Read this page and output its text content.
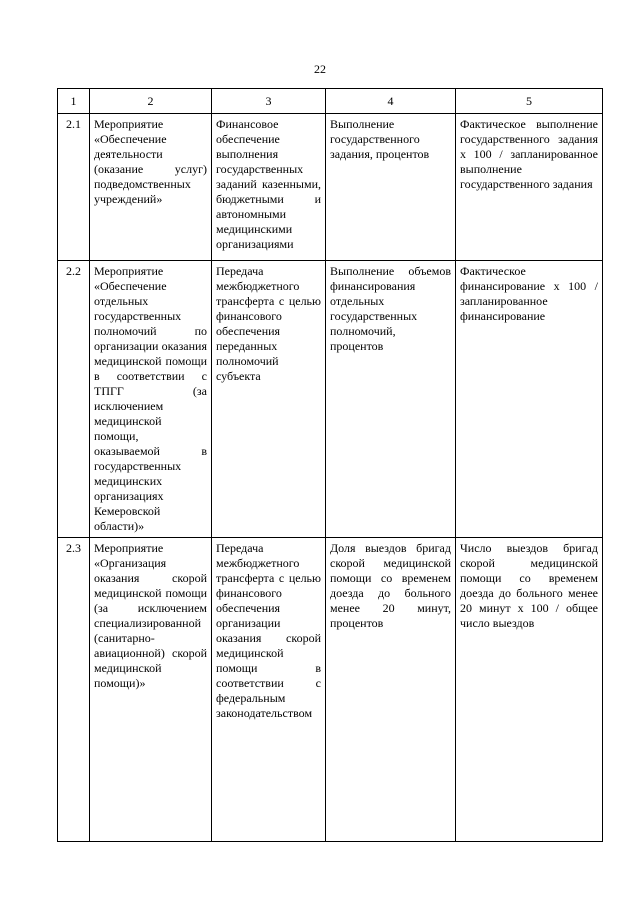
22
1	2	3	4	5
2.1	Мероприятие «Обеспечение деятельности (оказание услуг) подведомственных учреждений»	Финансовое обеспечение выполнения государственных заданий казенными, бюджетными и автономными медицинскими организациями	Выполнение государственного задания, процентов	Фактическое выполнение государственного задания х 100 / запланированное выполнение государственного задания
2.2	Мероприятие «Обеспечение отдельных государственных полномочий по организации оказания медицинской помощи в соответствии с ТПГГ (за исключением медицинской помощи, оказываемой в государственных медицинских организациях Кемеровской области)»	Передача межбюджетного трансферта с целью финансового обеспечения переданных полномочий субъекта	Выполнение объемов финансирования отдельных государственных полномочий, процентов	Фактическое финансирование х 100 / запланированное финансирование
2.3	Мероприятие «Организация оказания скорой медицинской помощи (за исключением специализированной (санитарно-авиационной) скорой медицинской помощи)»	Передача межбюджетного трансферта с целью финансового обеспечения организации оказания скорой медицинской помощи в соответствии с федеральным законодательством	Доля выездов бригад скорой медицинской помощи со временем доезда до больного менее 20 минут, процентов	Число выездов бригад скорой медицинской помощи со временем доезда до больного менее 20 минут х 100 / общее число выездов
